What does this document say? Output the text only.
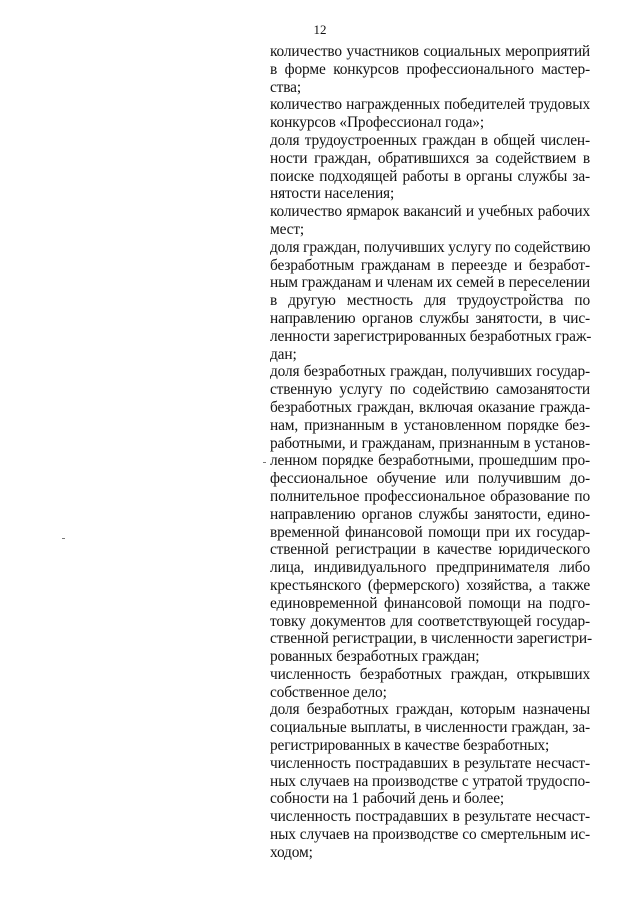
12
количество участников социальных мероприятий
в форме конкурсов профессионального мастер-
ства;
количество награжденных победителей трудовых
конкурсов «Профессионал года»;
доля трудоустроенных граждан в общей числен-
ности граждан, обратившихся за содействием в
поиске подходящей работы в органы службы за-
нятости населения;
количество ярмарок вакансий и учебных рабочих
мест;
доля граждан, получивших услугу по содействию
безработным гражданам в переезде и безработ-
ным гражданам и членам их семей в переселении
в другую местность для трудоустройства по
направлению органов службы занятости, в чис-
ленности зарегистрированных безработных граж-
дан;
доля безработных граждан, получивших государ-
ственную услугу по содействию самозанятости
безработных граждан, включая оказание гражда-
нам, признанным в установленном порядке без-
работными, и гражданам, признанным в установ-
ленном порядке безработными, прошедшим про-
фессиональное обучение или получившим до-
полнительное профессиональное образование по
направлению органов службы занятости, едино-
временной финансовой помощи при их государ-
ственной регистрации в качестве юридического
лица, индивидуального предпринимателя либо
крестьянского (фермерского) хозяйства, а также
единовременной финансовой помощи на подго-
товку документов для соответствующей государ-
ственной регистрации, в численности зарегистри-
рованных безработных граждан;
численность безработных граждан, открывших
собственное дело;
доля безработных граждан, которым назначены
социальные выплаты, в численности граждан, за-
регистрированных в качестве безработных;
численность пострадавших в результате несчаст-
ных случаев на производстве с утратой трудоспо-
собности на 1 рабочий день и более;
численность пострадавших в результате несчаст-
ных случаев на производстве со смертельным ис-
ходом;
